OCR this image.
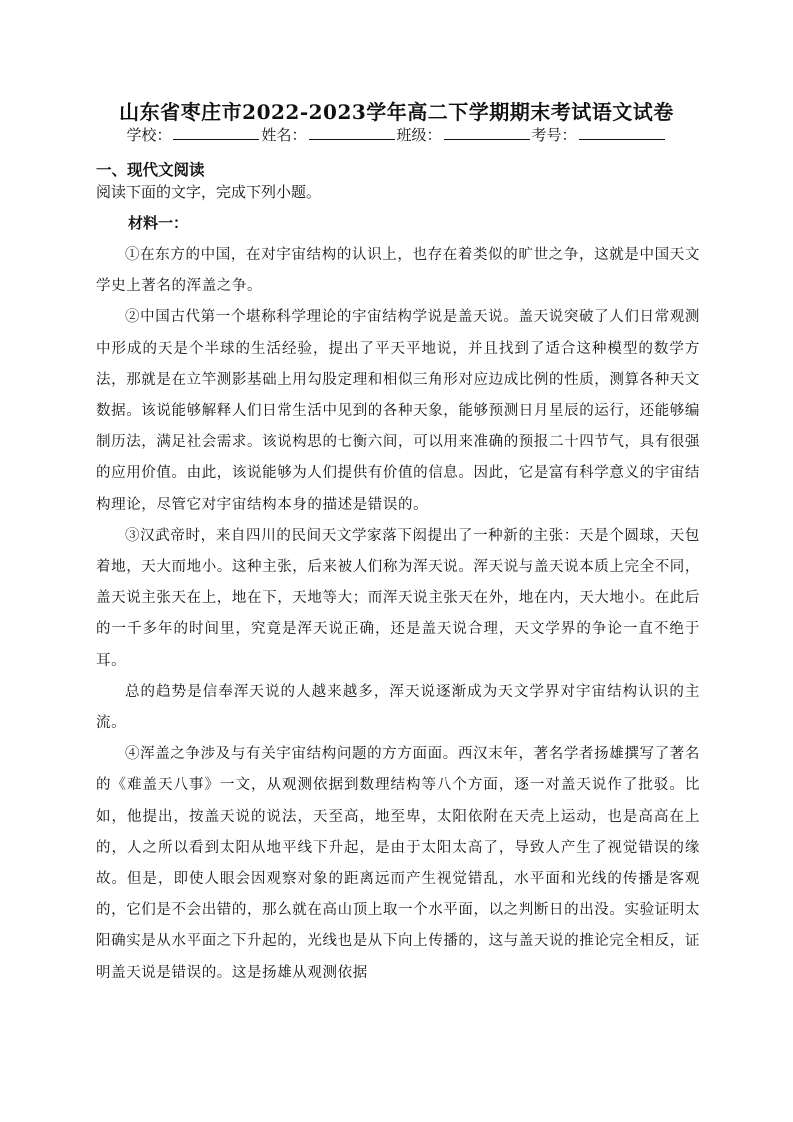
山东省枣庄市2022-2023学年高二下学期期末考试语文试卷
学校：	姓名：	班级：	考号：
一、现代文阅读
阅读下面的文字，完成下列小题。
材料一：

①在东方的中国，在对宇宙结构的认识上，也存在着类似的旷世之争，这就是中国天文学史上著名的浑盖之争。

②中国古代第一个堪称科学理论的宇宙结构学说是盖天说。盖天说突破了人们日常观测中形成的天是个半球的生活经验，提出了平天平地说，并且找到了适合这种模型的数学方法，那就是在立竿测影基础上用勾股定理和相似三角形对应边成比例的性质，测算各种天文数据。该说能够解释人们日常生活中见到的各种天象，能够预测日月星辰的运行，还能够编制历法，满足社会需求。该说构思的七衡六间，可以用来准确的预报二十四节气，具有很强的应用价值。由此，该说能够为人们提供有价值的信息。因此，它是富有科学意义的宇宙结构理论，尽管它对宇宙结构本身的描述是错误的。

③汉武帝时，来自四川的民间天文学家落下闳提出了一种新的主张：天是个圆球，天包着地，天大而地小。这种主张，后来被人们称为浑天说。浑天说与盖天说本质上完全不同，盖天说主张天在上，地在下，天地等大；而浑天说主张天在外，地在内，天大地小。在此后的一千多年的时间里，究竟是浑天说正确，还是盖天说合理，天文学界的争论一直不绝于耳。

总的趋势是信奉浑天说的人越来越多，浑天说逐渐成为天文学界对宇宙结构认识的主流。

④浑盖之争涉及与有关宇宙结构问题的方方面面。西汉末年，著名学者扬雄撰写了著名的《难盖天八事》一文，从观测依据到数理结构等八个方面，逐一对盖天说作了批驳。比如，他提出，按盖天说的说法，天至高，地至卑，太阳依附在天壳上运动，也是高高在上的，人之所以看到太阳从地平线下升起，是由于太阳太高了，导致人产生了视觉错误的缘故。但是，即使人眼会因观察对象的距离远而产生视觉错乱，水平面和光线的传播是客观的，它们是不会出错的，那么就在高山顶上取一个水平面，以之判断日的出没。实验证明太阳确实是从水平面之下升起的，光线也是从下向上传播的，这与盖天说的推论完全相反，证明盖天说是错误的。这是扬雄从观测依据
